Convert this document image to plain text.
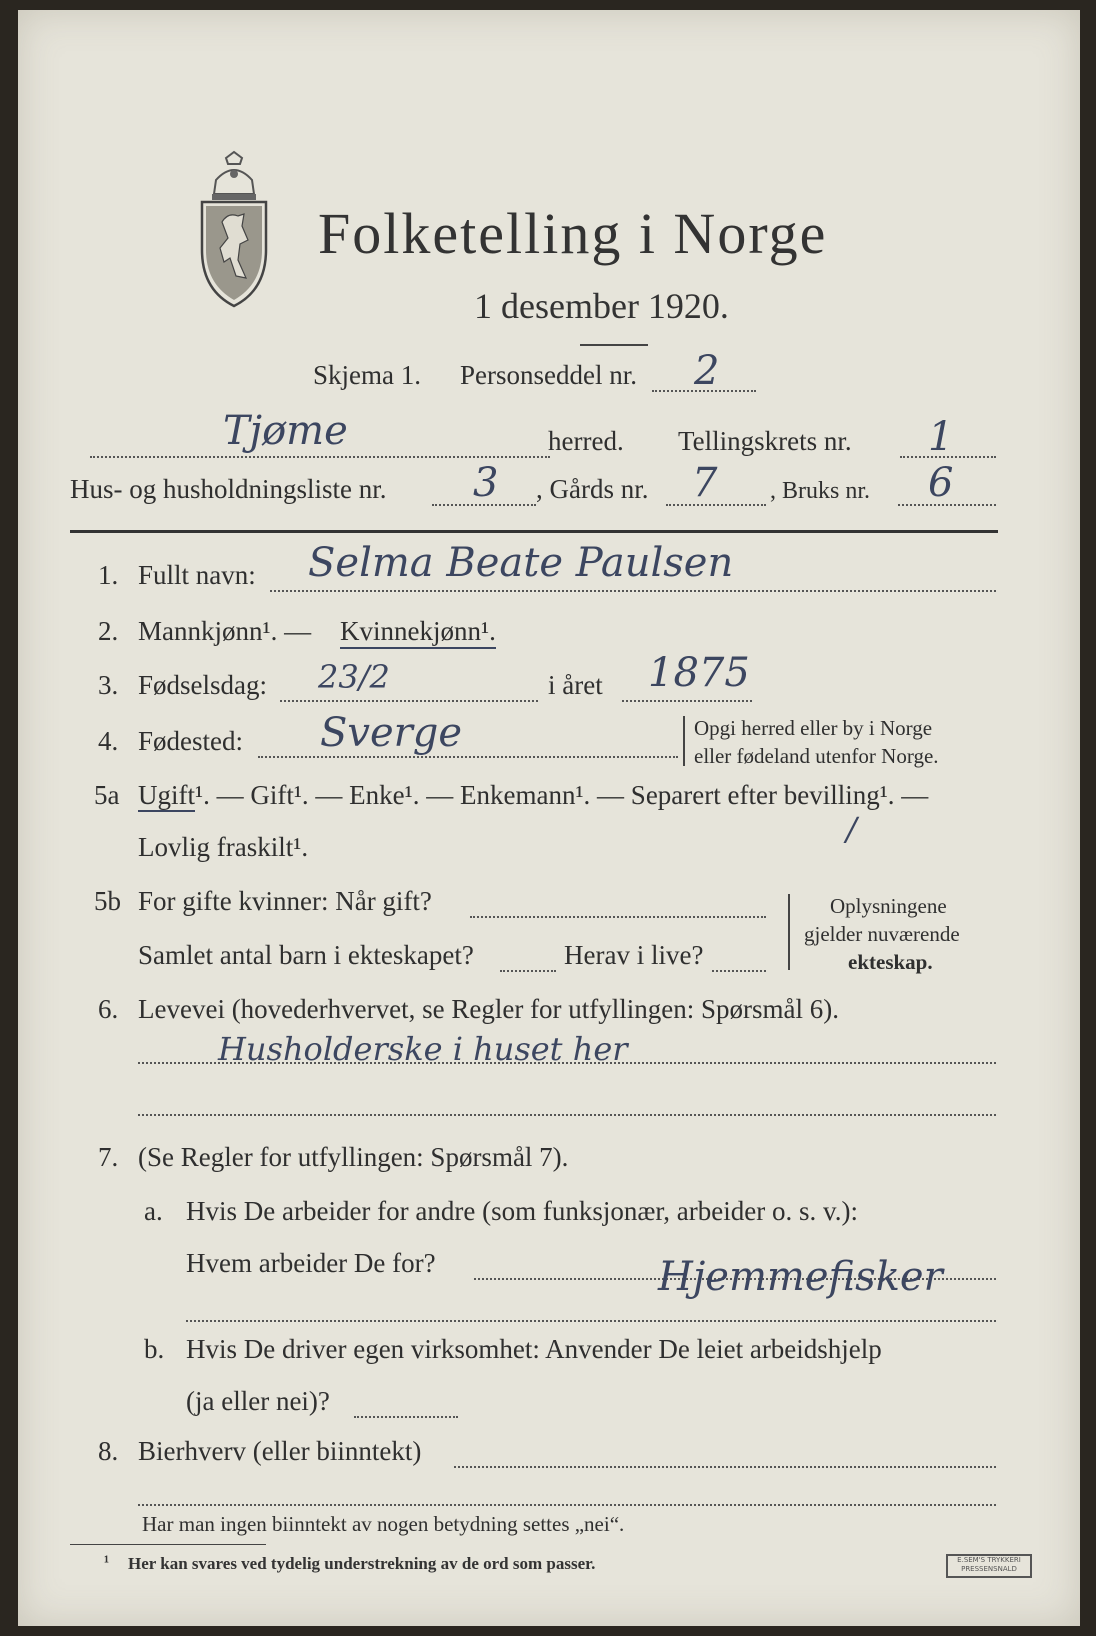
Folketelling i Norge
1 desember 1920.
Skjema 1. Personseddel nr. 2
Tjøme	herred. Tellingskrets nr. 1
Hus- og husholdningsliste nr. 3 , Gårds nr. 7 , Bruks nr. 6
1. Fullt navn: Selma Beate Paulsen
2. Mannkjønn¹. — Kvinnekjønn¹.
3. Fødselsdag: 23/2	i året 1875
4. Fødested: Sverge	Opgi herred eller by i Norge
eller fødeland utenfor Norge.
5a Ugift¹. — Gift¹. — Enke¹. — Enkemann¹. — Separert efter bevilling¹. —
Lovlig fraskilt¹.	/
5b For gifte kvinner: Når gift?
Samlet antal barn i ekteskapet?	Herav i live?
Oplysningene
gjelder nuværende
ekteskap.
6. Levevei (hovederhvervet, se Regler for utfyllingen: Spørsmål 6).
Husholderske i huset her
7. (Se Regler for utfyllingen: Spørsmål 7).
a. Hvis De arbeider for andre (som funksjonær, arbeider o. s. v.):
Hvem arbeider De for?	Hjemmefisker
b. Hvis De driver egen virksomhet: Anvender De leiet arbeidshjelp
(ja eller nei)?
8. Bierhverv (eller biinntekt)
Har man ingen biinntekt av nogen betydning settes „nei“.
¹ Her kan svares ved tydelig understrekning av de ord som passer.	E.SEM'S TRYKKERI
PRESSENSNALD
